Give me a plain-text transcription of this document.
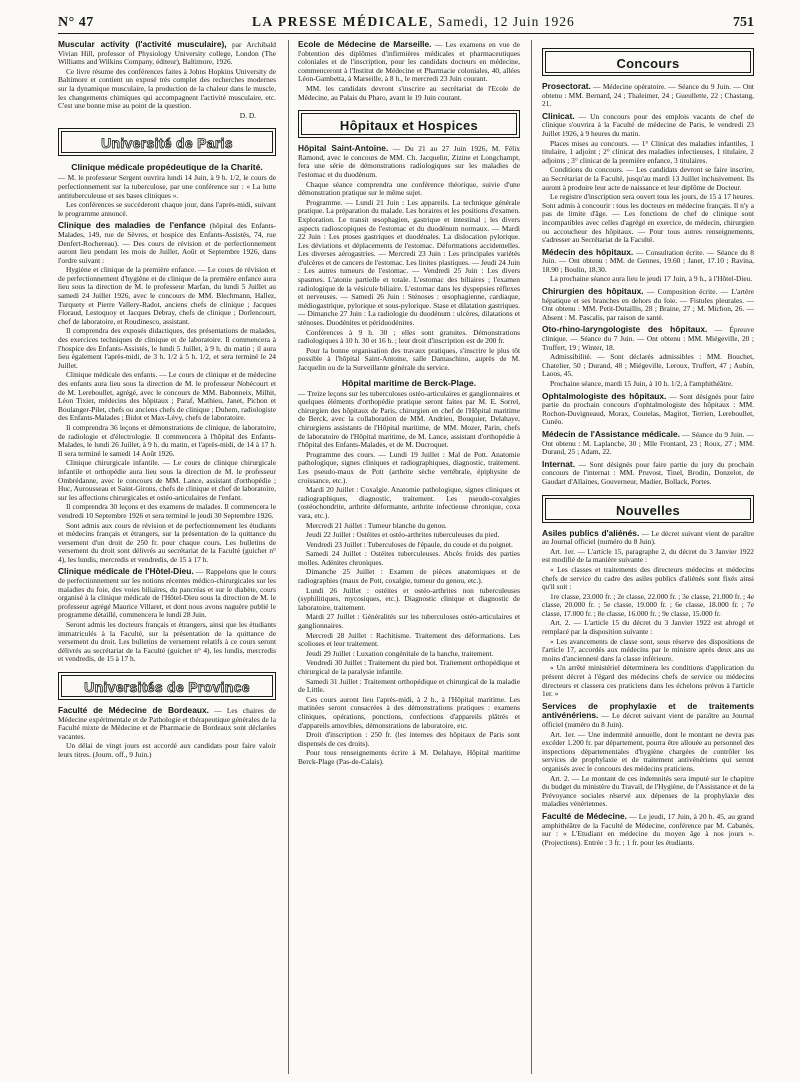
N° 47	LA PRESSE MÉDICALE, Samedi, 12 Juin 1926	751

Muscular activity (l'activité musculaire), par Archibald Vivian Hill, professor of Physiology University college, London (The Williams and Wilkins Company, éditeur), Baltimore, 1926.

Ce livre résume des conférences faites à Johns Hopkins University de Baltimore et contient un exposé très complet des recherches modernes sur la dynamique musculaire, la production de la chaleur dans le muscle, les changements chimiques qui accompagnent l'activité musculaire, etc. C'est une bonne mise au point de la question.

D. D.

Université de Paris
Clinique médicale propédeutique de la Charité.

— M. le professeur Sergent ouvrira lundi 14 Juin, à 9 h. 1/2, le cours de perfectionnement sur la tuberculose, par une conférence sur : « La lutte antituberculeuse et ses bases cliniques ».

Les conférences se succéderont chaque jour, dans l'après-midi, suivant le programme annoncé.

Clinique des maladies de l'enfance (hôpital des Enfants-Malades, 149, rue de Sèvres, et hospice des Enfants-Assistés, 74, rue Denfert-Rochereau). — Des cours de révision et de perfectionnement auront lieu pendant les mois de Juillet, Août et Septembre 1926, dans l'ordre suivant :

Hygiène et clinique de la première enfance. — Le cours de révision et de perfectionnement d'hygiène et de clinique de la première enfance aura lieu sous la direction de M. le professeur Marfan, du lundi 5 Juillet au samedi 24 Juillet 1926, avec le concours de MM. Blechmann, Hallez, Turquety et Pierre Vallery-Radot, anciens chefs de clinique ; Jacques Floraud, Lestoquoy et Jacques Debray, chefs de clinique ; Dorlencourt, chef de laboratoire, et Roudinesco, assistant.

Il comprendra des exposés didactiques, des présentations de malades, des exercices techniques de clinique et de laboratoire. Il commencera à l'hospice des Enfants-Assistés, le lundi 5 Juillet, à 9 h. du matin ; il aura lieu également l'après-midi, de 3 h. 1/2 à 5 h. 1/2, et sera terminé le 24 Juillet.

Clinique médicale des enfants. — Le cours de clinique et de médecine des enfants aura lieu sous la direction de M. le professeur Nobécourt et de M. Lereboullet, agrégé, avec le concours de MM. Babonneix, Milhit, Léon Tixier, médecins des hôpitaux ; Paraf, Mathieu, Janet, Pichon et Boulanger-Pilet, chefs ou anciens chefs de clinique ; Duhem, radiologiste des Enfants-Malades ; Bidot et Max-Lévy, chefs de laboratoire.

Il comprendra 36 leçons et démonstrations de clinique, de laboratoire, de radiologie et d'électrologie. Il commencera à l'hôpital des Enfants-Malades, le lundi 26 Juillet, à 9 h. du matin, et l'après-midi, de 14 à 17 h. Il sera terminé le samedi 14 Août 1926.

Clinique chirurgicale infantile. — Le cours de clinique chirurgicale infantile et orthopédie aura lieu sous la direction de M. le professeur Ombrédanne, avec le concours de MM. Lance, assistant d'orthopédie ; Huc, Aurousseau et Saint-Girons, chefs de clinique et chef de laboratoire, sur les affections chirurgicales et ostéo-articulaires de l'enfant.

Il comprendra 30 leçons et des examens de malades. Il commencera le vendredi 10 Septembre 1926 et sera terminé le jeudi 30 Septembre 1926.

Sont admis aux cours de révision et de perfectionnement les étudiants et médecins français et étrangers, sur la présentation de la quittance du versement d'un droit de 250 fr. pour chaque cours. Les bulletins de versement du droit sont délivrés au secrétariat de la Faculté (guichet n° 4), les lundis, mercredis et vendredis, de 15 à 17 h.

Clinique médicale de l'Hôtel-Dieu. — Rappelons que le cours de perfectionnement sur les notions récentes médico-chirurgicales sur les maladies du foie, des voies biliaires, du pancréas et sur le diabète, cours organisé à la clinique médicale de l'Hôtel-Dieu sous la direction de M. le professeur agrégé Maurice Villaret, et dont nous avons naguère publié le programme détaillé, commencera le lundi 28 Juin.

Seront admis les docteurs français et étrangers, ainsi que les étudiants immatriculés à la Faculté, sur la présentation de la quittance de versement du droit. Les bulletins de versement relatifs à ce cours seront délivrés au secrétariat de la Faculté (guichet n° 4), les lundis, mercredis et vendredis, de 15 à 17 h.

Universités de Province

Faculté de Médecine de Bordeaux. — Les chaires de Médecine expérimentale et de Pathologie et thérapeutique générales de la Faculté mixte de Médecine et de Pharmacie de Bordeaux sont déclarées vacantes.

Un délai de vingt jours est accordé aux candidats pour faire valoir leurs titres. (Journ. off., 9 Juin.)

Ecole de Médecine de Marseille. — Les examens en vue de l'obtention des diplômes d'infirmières médicales et pharmaceutiques coloniales et de l'inscription, pour les candidats docteurs en médecine, commenceront à l'Institut de Médecine et Pharmacie coloniales, 40, allées Léon-Gambetta, à Marseille, à 8 h., le mercredi 23 Juin courant.

MM. les candidats devront s'inscrire au secrétariat de l'Ecole de Médecine, au Palais du Pharo, avant le 19 Juin courant.

Hôpitaux et Hospices

Hôpital Saint-Antoine. — Du 21 au 27 Juin 1926, M. Félix Ramond, avec le concours de MM. Ch. Jacquelin, Zizine et Longchampt, fera une série de démonstrations radiologiques sur les maladies de l'estomac et du duodénum.

Chaque séance comprendra une conférence théorique, suivie d'une démonstration pratique sur le même sujet.

Programme. — Lundi 21 Juin : Les appareils. La technique générale pratique. La préparation du malade. Les horaires et les positions d'examen. Exploration. Le transit œsophagien, gastrique et intestinal ; les divers aspects radioscopiques de l'estomac et du duodénum normaux. — Mardi 22 Juin : Les ptoses gastriques et duodénales. La dislocation pylorique. Les déviations et déplacements de l'estomac. Déformations accidentelles. Les diverses aérogastries. — Mercredi 23 Juin : Les principales variétés d'ulcères et de cancers de l'estomac. Les linites plastiques. — Jeudi 24 Juin : Les autres tumeurs de l'estomac. — Vendredi 25 Juin : Les divers spasmes. L'atonie partielle et totale. L'estomac des biliaires ; l'examen radiologique de la vésicule biliaire. L'estomac dans les dyspepsies réflexes et nerveuses. — Samedi 26 Juin : Sténoses : œsophagienne, cardiaque, médiogastrique, pylorique et sous-pylorique. Stase et dilatation gastriques. — Dimanche 27 Juin : La radiologie du duodénum : ulcères, dilatations et sténoses. Duodénites et périduodénites.

Conférences à 9 h. 30 ; elles sont gratuites. Démonstrations radiologiques à 10 h. 30 et 16 h. ; leur droit d'inscription est de 200 fr.

Pour la bonne organisation des travaux pratiques, s'inscrire le plus tôt possible à l'hôpital Saint-Antoine, salle Damaschino, auprès de M. Jacquelin ou de la Surveillante générale du service.

Hôpital maritime de Berck-Plage.

— Treize leçons sur les tuberculoses ostéo-articulaires et ganglionnaires et quelques éléments d'orthopédie pratique seront faites par M. E. Sorrel, chirurgien des hôpitaux de Paris, chirurgien en chef de l'Hôpital maritime de Berck, avec la collaboration de MM. Andrieu, Bouquier, Delahaye, chirurgiens assistants de l'Hôpital maritime, de MM. Mozer, Parin, chefs de laboratoire de l'Hôpital maritime, de M. Lance, assistant d'orthopédie à l'hôpital des Enfants-Malades, et de M. Ducroquet.

Programme des cours. — Lundi 19 Juillet : Mal de Pott. Anatomie pathologique, signes cliniques et radiographiques, diagnostic, traitement. Les pseudo-maux de Pott (arthrite sèche vertébrale, épiphysite de croissance, etc.).

Mardi 20 Juillet : Coxalgie. Anatomie pathologique, signes cliniques et radiographiques, diagnostic, traitement. Les pseudo-coxalgies (ostéochondrite, arthrite déformante, arthrite infectieuse chronique, coxa vara, etc.).

Mercredi 21 Juillet : Tumeur blanche du genou.

Jeudi 22 Juillet : Ostéites et ostéo-arthrites tuberculeuses du pied.

Vendredi 23 Juillet : Tuberculoses de l'épaule, du coude et du poignet.

Samedi 24 Juillet : Ostéites tuberculeuses. Abcès froids des parties molles. Adénites chroniques.

Dimanche 25 Juillet : Examen de pièces anatomiques et de radiographies (maux de Pott, coxalgie, tumeur du genou, etc.).

Lundi 26 Juillet : ostéites et ostéo-arthrites non tuberculeuses (syphilitiques, mycosiques, etc.). Diagnostic clinique et diagnostic de laboratoire, traitement.

Mardi 27 Juillet : Généralités sur les tuberculoses ostéo-articulaires et ganglionnaires.

Mercredi 28 Juillet : Rachitisme. Traitement des déformations. Les scolioses et leur traitement.

Jeudi 29 Juillet : Luxation congénitale de la hanche, traitement.

Vendredi 30 Juillet : Traitement du pied bot. Traitement orthopédique et chirurgical de la paralysie infantile.

Samedi 31 Juillet : Traitement orthopédique et chirurgical de la maladie de Little.

Ces cours auront lieu l'après-midi, à 2 h., à l'Hôpital maritime. Les matinées seront consacrées à des démonstrations pratiques : examens cliniques, opérations, ponctions, confections d'appareils plâtrés et d'appareils amovibles, démonstrations de laboratoire, etc.

Droit d'inscription : 250 fr. (les internes des hôpitaux de Paris sont dispensés de ces droits).

Pour tous renseignements écrire à M. Delahaye, Hôpital maritime Berck-Plage (Pas-de-Calais).

Concours

Prosectorat. — Médecine opératoire. — Séance du 9 Juin. — Ont obtenu : MM. Bernard, 24 ; Thaleimer, 24 ; Gueullette, 22 ; Chastang, 21.

Clinicat. — Un concours pour des emplois vacants de chef de clinique s'ouvrira à la Faculté de médecine de Paris, le vendredi 23 Juillet 1926, à 9 heures du matin.

Places mises au concours. — 1° Clinicat des maladies infantiles, 1 titulaire, 1 adjoint ; 2° clinicat des maladies infectieuses, 1 titulaire, 2 adjoints ; 3° clinicat de la première enfance, 3 titulaires.

Conditions du concours. — Les candidats devront se faire inscrire, au Secrétariat de la Faculté, jusqu'au mardi 13 Juillet inclusivement. Ils auront à produire leur acte de naissance et leur diplôme de Docteur.

Le registre d'inscription sera ouvert tous les jours, de 15 à 17 heures. Sont admis à concourir : tous les docteurs en médecine français. Il n'y a pas de limite d'âge. — Les fonctions de chef de clinique sont incompatibles avec celles d'agrégé en exercice, de médecin, chirurgien ou accoucheur des hôpitaux. — Pour tous autres renseignements, s'adresser au Secrétariat de la Faculté.

Médecin des hôpitaux. — Consultation écrite. — Séance du 8 Juin. — Ont obtenu : MM. de Gennes, 19.60 ; Janet, 17.10 ; Ravina, 18.90 ; Boulin, 18.30.

La prochaine séance aura lieu le jeudi 17 Juin, à 9 h., à l'Hôtel-Dieu.

Chirurgien des hôpitaux. — Composition écrite. — L'artère hépatique et ses branches en dehors du foie. — Fistules pleurales. — Ont obtenu : MM. Petit-Dutaillis, 28 ; Braine, 27 ; M. Michon, 26. — Absent : M. Pascalis, par raison de santé.

Oto-rhino-laryngologiste des hôpitaux. — Épreuve clinique. — Séance du 7 Juin. — Ont obtenu : MM. Miégeville, 20 ; Truffert, 19 ; Winter, 18.

Admissibilité. — Sont déclarés admissibles : MM. Bouchet, Chatelier, 50 ; Durand, 48 ; Miégeville, Leroux, Truffert, 47 ; Aubin, Laoos, 45.

Prochaine séance, mardi 15 Juin, à 10 h. 1/2, à l'amphithéâtre.

Ophtalmologiste des hôpitaux. — Sont désignés pour faire partie du prochain concours d'ophtalmologiste des hôpitaux : MM. Rochon-Duvigneaud, Morax, Coutelas, Magitot, Terrien, Lereboullet, Cunéo.

Médecin de l'Assistance médicale. — Séance du 9 Juin. — Ont obtenu : M. Laplanche, 30 ; Mlle Frontard, 23 ; Roux, 27 ; MM. Durand, 25 ; Adam, 22.

Internat. — Sont désignés pour faire partie du jury du prochain concours de l'internat : MM. Pruvost, Tinel, Brodin, Donzelot, de Gaudart d'Allaines, Gouverneur, Madier, Bollack, Portes.

Nouvelles

Asiles publics d'aliénés. — Le décret suivant vient de paraître au Journal officiel (numéro du 8 Juin).

Art. 1er. — L'article 15, paragraphe 2, du décret du 3 Janvier 1922 est modifié de la manière suivante :

« Les classes et traitements des directeurs médecins et médecins chefs de service du cadre des asiles publics d'aliénés sont fixés ainsi qu'il suit :

1re classe, 23.000 fr. ; 2e classe, 22.000 fr. ; 3e classe, 21.000 fr. ; 4e classe, 20.000 fr. ; 5e classe, 19.000 fr. ; 6e classe, 18.000 fr. ; 7e classe, 17.000 fr. ; 8e classe, 16.000 fr. ; 9e classe, 15.000 fr.

Art. 2. — L'article 15 du décret du 3 Janvier 1922 est abrogé et remplacé par la disposition suivante :

« Les avancements de classe sont, sous réserve des dispositions de l'article 17, accordés aux médecins par le ministre après deux ans au moins d'ancienneté dans la classe inférieure.

« Un arrêté ministériel déterminera les conditions d'application du présent décret à l'égard des médecins chefs de service ou médecins directeurs et classera ces praticiens dans les échelons prévus à l'article 1er. »

Services de prophylaxie et de traitements antivénériens. — Le décret suivant vient de paraître au Journal officiel (numéro du 8 Juin).

Art. 1er. — Une indemnité annuelle, dont le montant ne devra pas excéder 1.200 fr. par département, pourra être allouée au personnel des inspections départementales d'hygiène chargées de contrôler les services de prophylaxie et de traitement antivénériens qui seront organisés avec le concours des médecins praticiens.

Art. 2. — Le montant de ces indemnités sera imputé sur le chapitre du budget du ministère du Travail, de l'Hygiène, de l'Assistance et de la Prévoyance sociales réservé aux dépenses de la prophylaxie des maladies vénériennes.

Faculté de Médecine. — Le jeudi, 17 Juin, à 20 h. 45, au grand amphithéâtre de la Faculté de Médecine, conférence par M. Cabanès, sur : « L'Etudiant en médecine du moyen âge à nos jours ». (Projections). Entrée : 3 fr. ; 1 fr. pour les étudiants.
